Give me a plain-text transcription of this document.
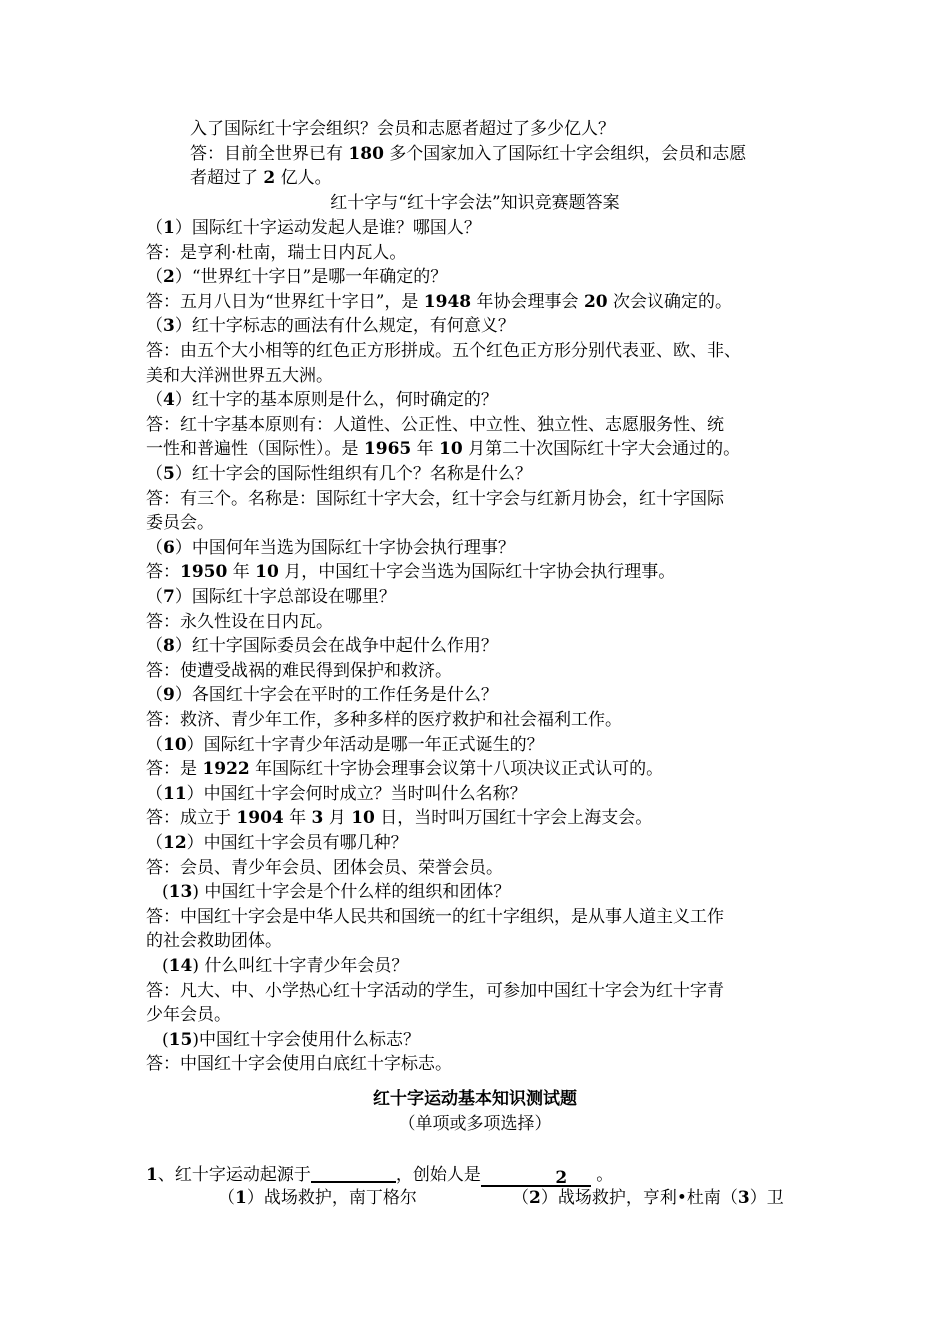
入了国际红十字会组织？会员和志愿者超过了多少亿人？
答：目前全世界已有 180 多个国家加入了国际红十字会组织，会员和志愿
者超过了 2 亿人。
红十字与“红十字会法”知识竞赛题答案
（1）国际红十字运动发起人是谁？哪国人？
答：是亨利·杜南，瑞士日内瓦人。
（2）“世界红十字日”是哪一年确定的？
答：五月八日为“世界红十字日”，是 1948 年协会理事会 20 次会议确定的。
（3）红十字标志的画法有什么规定，有何意义？
答：由五个大小相等的红色正方形拼成。五个红色正方形分别代表亚、欧、非、
美和大洋洲世界五大洲。
（4）红十字的基本原则是什么，何时确定的？
答：红十字基本原则有：人道性、公正性、中立性、独立性、志愿服务性、统
一性和普遍性（国际性）。是 1965 年 10 月第二十次国际红十字大会通过的。
（5）红十字会的国际性组织有几个？名称是什么？
答：有三个。名称是：国际红十字大会，红十字会与红新月协会，红十字国际
委员会。
（6）中国何年当选为国际红十字协会执行理事？
答：1950 年 10 月，中国红十字会当选为国际红十字协会执行理事。
（7）国际红十字总部设在哪里？
答：永久性设在日内瓦。
（8）红十字国际委员会在战争中起什么作用？
答：使遭受战祸的难民得到保护和救济。
（9）各国红十字会在平时的工作任务是什么？
答：救济、青少年工作，多种多样的医疗救护和社会福利工作。
（10）国际红十字青少年活动是哪一年正式诞生的？
答：是 1922 年国际红十字协会理事会议第十八项决议正式认可的。
（11）中国红十字会何时成立？当时叫什么名称？
答：成立于 1904 年 3 月 10 日，当时叫万国红十字会上海支会。
（12）中国红十字会员有哪几种？
答：会员、青少年会员、团体会员、荣誉会员。
(13) 中国红十字会是个什么样的组织和团体？
答：中国红十字会是中华人民共和国统一的红十字组织，是从事人道主义工作
的社会救助团体。
(14) 什么叫红十字青少年会员？
答：凡大、中、小学热心红十字活动的学生，可参加中国红十字会为红十字青
少年会员。
(15)中国红十字会使用什么标志？
答：中国红十字会使用白底红十字标志。
红十字运动基本知识测试题
（单项或多项选择）
1、红十字运动起源于	，创始人是	2 。
（1）战场救护，南丁格尔	（2）战场救护，亨利•杜南（3）卫
